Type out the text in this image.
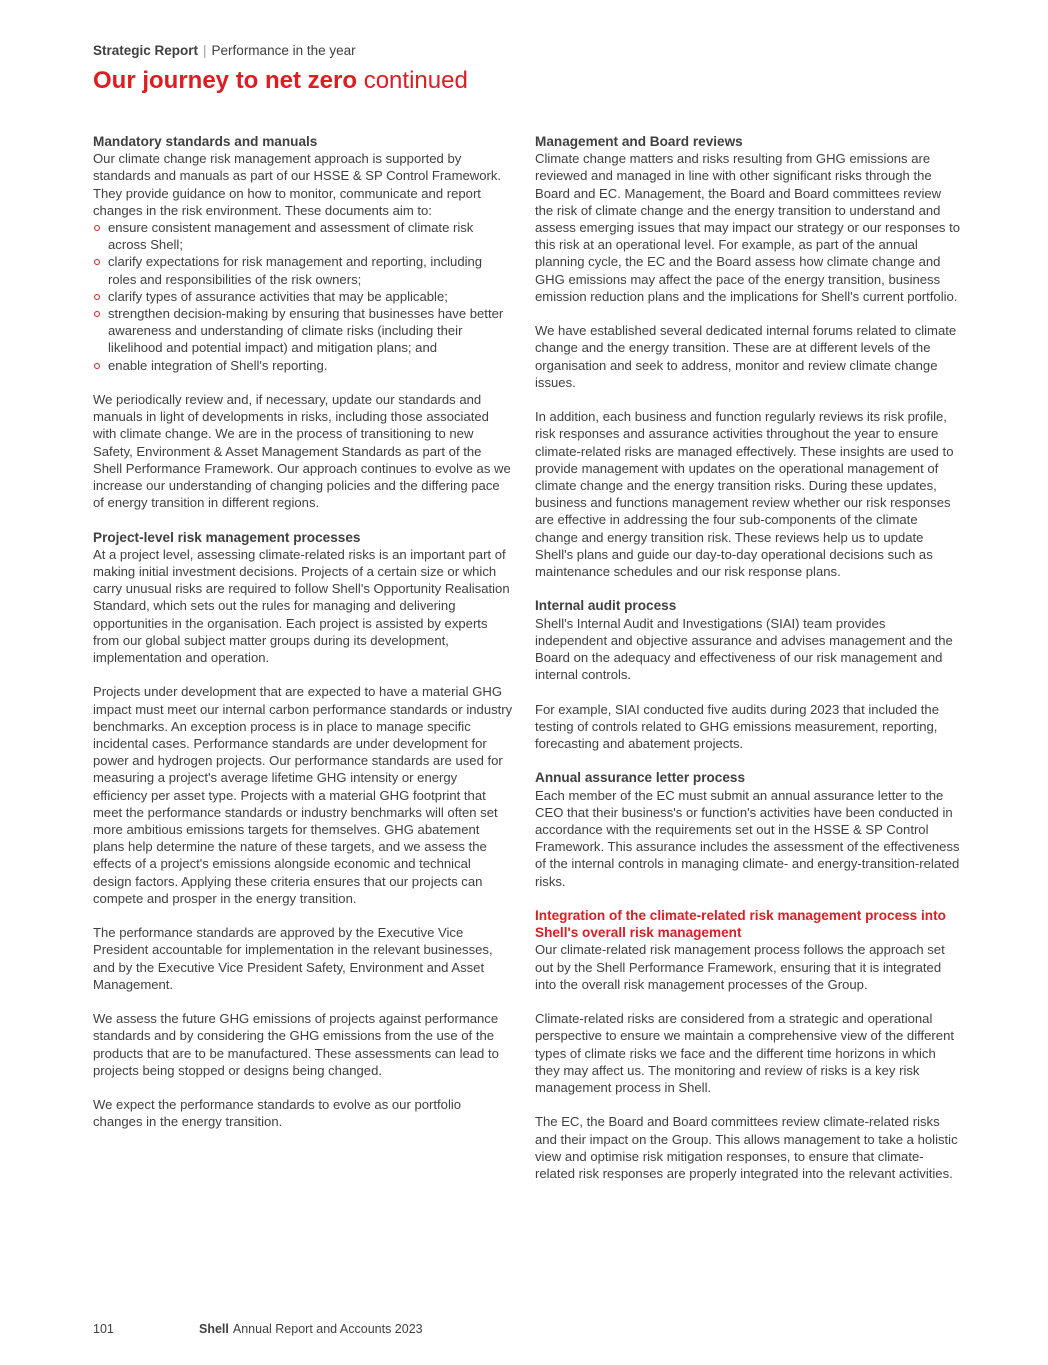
Strategic Report | Performance in the year
Our journey to net zero continued
Mandatory standards and manuals

Our climate change risk management approach is supported by standards and manuals as part of our HSSE & SP Control Framework. They provide guidance on how to monitor, communicate and report changes in the risk environment. These documents aim to:

ensure consistent management and assessment of climate risk across Shell;
clarify expectations for risk management and reporting, including roles and responsibilities of the risk owners;
clarify types of assurance activities that may be applicable;
strengthen decision-making by ensuring that businesses have better awareness and understanding of climate risks (including their likelihood and potential impact) and mitigation plans; and
enable integration of Shell's reporting.

We periodically review and, if necessary, update our standards and manuals in light of developments in risks, including those associated with climate change. We are in the process of transitioning to new Safety, Environment & Asset Management Standards as part of the Shell Performance Framework. Our approach continues to evolve as we increase our understanding of changing policies and the differing pace of energy transition in different regions.

Project-level risk management processes

At a project level, assessing climate-related risks is an important part of making initial investment decisions. Projects of a certain size or which carry unusual risks are required to follow Shell's Opportunity Realisation Standard, which sets out the rules for managing and delivering opportunities in the organisation. Each project is assisted by experts from our global subject matter groups during its development, implementation and operation.

Projects under development that are expected to have a material GHG impact must meet our internal carbon performance standards or industry benchmarks. An exception process is in place to manage specific incidental cases. Performance standards are under development for power and hydrogen projects. Our performance standards are used for measuring a project's average lifetime GHG intensity or energy efficiency per asset type. Projects with a material GHG footprint that meet the performance standards or industry benchmarks will often set more ambitious emissions targets for themselves. GHG abatement plans help determine the nature of these targets, and we assess the effects of a project's emissions alongside economic and technical design factors. Applying these criteria ensures that our projects can compete and prosper in the energy transition.

The performance standards are approved by the Executive Vice President accountable for implementation in the relevant businesses, and by the Executive Vice President Safety, Environment and Asset Management.

We assess the future GHG emissions of projects against performance standards and by considering the GHG emissions from the use of the products that are to be manufactured. These assessments can lead to projects being stopped or designs being changed.

We expect the performance standards to evolve as our portfolio changes in the energy transition.

Management and Board reviews

Climate change matters and risks resulting from GHG emissions are reviewed and managed in line with other significant risks through the Board and EC. Management, the Board and Board committees review the risk of climate change and the energy transition to understand and assess emerging issues that may impact our strategy or our responses to this risk at an operational level. For example, as part of the annual planning cycle, the EC and the Board assess how climate change and GHG emissions may affect the pace of the energy transition, business emission reduction plans and the implications for Shell's current portfolio.

We have established several dedicated internal forums related to climate change and the energy transition. These are at different levels of the organisation and seek to address, monitor and review climate change issues.

In addition, each business and function regularly reviews its risk profile, risk responses and assurance activities throughout the year to ensure climate-related risks are managed effectively. These insights are used to provide management with updates on the operational management of climate change and the energy transition risks. During these updates, business and functions management review whether our risk responses are effective in addressing the four sub-components of the climate change and energy transition risk. These reviews help us to update Shell's plans and guide our day-to-day operational decisions such as maintenance schedules and our risk response plans.

Internal audit process

Shell's Internal Audit and Investigations (SIAI) team provides independent and objective assurance and advises management and the Board on the adequacy and effectiveness of our risk management and internal controls.

For example, SIAI conducted five audits during 2023 that included the testing of controls related to GHG emissions measurement, reporting, forecasting and abatement projects.

Annual assurance letter process

Each member of the EC must submit an annual assurance letter to the CEO that their business's or function's activities have been conducted in accordance with the requirements set out in the HSSE & SP Control Framework. This assurance includes the assessment of the effectiveness of the internal controls in managing climate- and energy-transition-related risks.

Integration of the climate-related risk management process into Shell's overall risk management

Our climate-related risk management process follows the approach set out by the Shell Performance Framework, ensuring that it is integrated into the overall risk management processes of the Group.

Climate-related risks are considered from a strategic and operational perspective to ensure we maintain a comprehensive view of the different types of climate risks we face and the different time horizons in which they may affect us. The monitoring and review of risks is a key risk management process in Shell.

The EC, the Board and Board committees review climate-related risks and their impact on the Group. This allows management to take a holistic view and optimise risk mitigation responses, to ensure that climate-related risk responses are properly integrated into the relevant activities.

101	Shell Annual Report and Accounts 2023
